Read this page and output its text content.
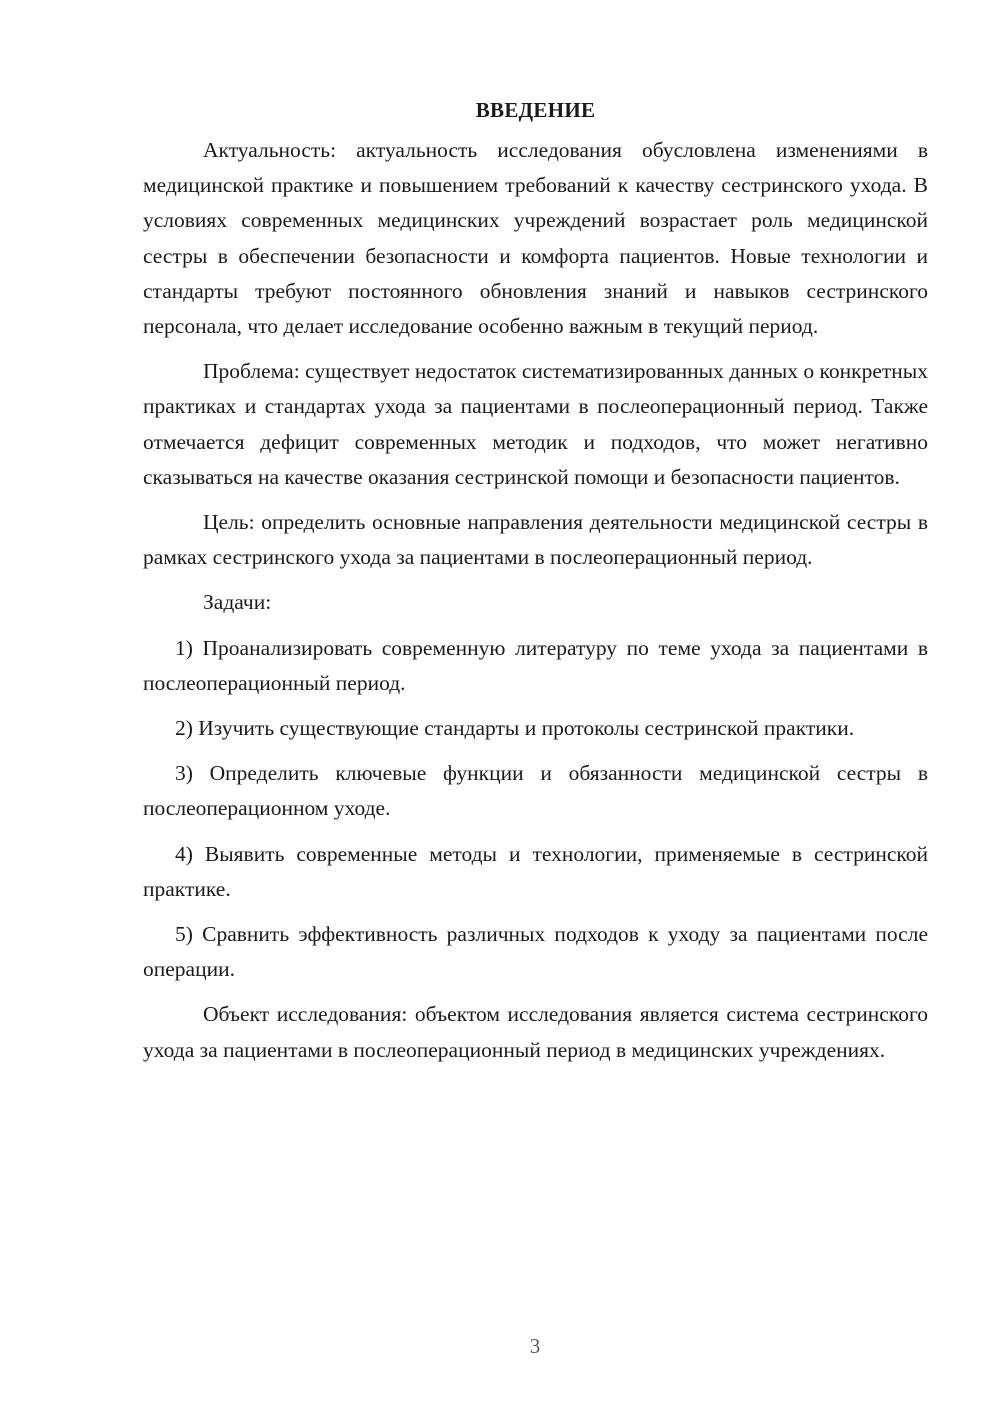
ВВЕДЕНИЕ

Актуальность: актуальность исследования обусловлена изменениями в медицинской практике и повышением требований к качеству сестринского ухода. В условиях современных медицинских учреждений возрастает роль медицинской сестры в обеспечении безопасности и комфорта пациентов. Новые технологии и стандарты требуют постоянного обновления знаний и навыков сестринского персонала, что делает исследование особенно важным в текущий период.

Проблема: существует недостаток систематизированных данных о конкретных практиках и стандартах ухода за пациентами в послеоперационный период. Также отмечается дефицит современных методик и подходов, что может негативно сказываться на качестве оказания сестринской помощи и безопасности пациентов.

Цель: определить основные направления деятельности медицинской сестры в рамках сестринского ухода за пациентами в послеоперационный период.

Задачи:

1) Проанализировать современную литературу по теме ухода за пациентами в послеоперационный период.

2) Изучить существующие стандарты и протоколы сестринской практики.

3) Определить ключевые функции и обязанности медицинской сестры в послеоперационном уходе.

4) Выявить современные методы и технологии, применяемые в сестринской практике.

5) Сравнить эффективность различных подходов к уходу за пациентами после операции.

Объект исследования: объектом исследования является система сестринского ухода за пациентами в послеоперационный период в медицинских учреждениях.

3
